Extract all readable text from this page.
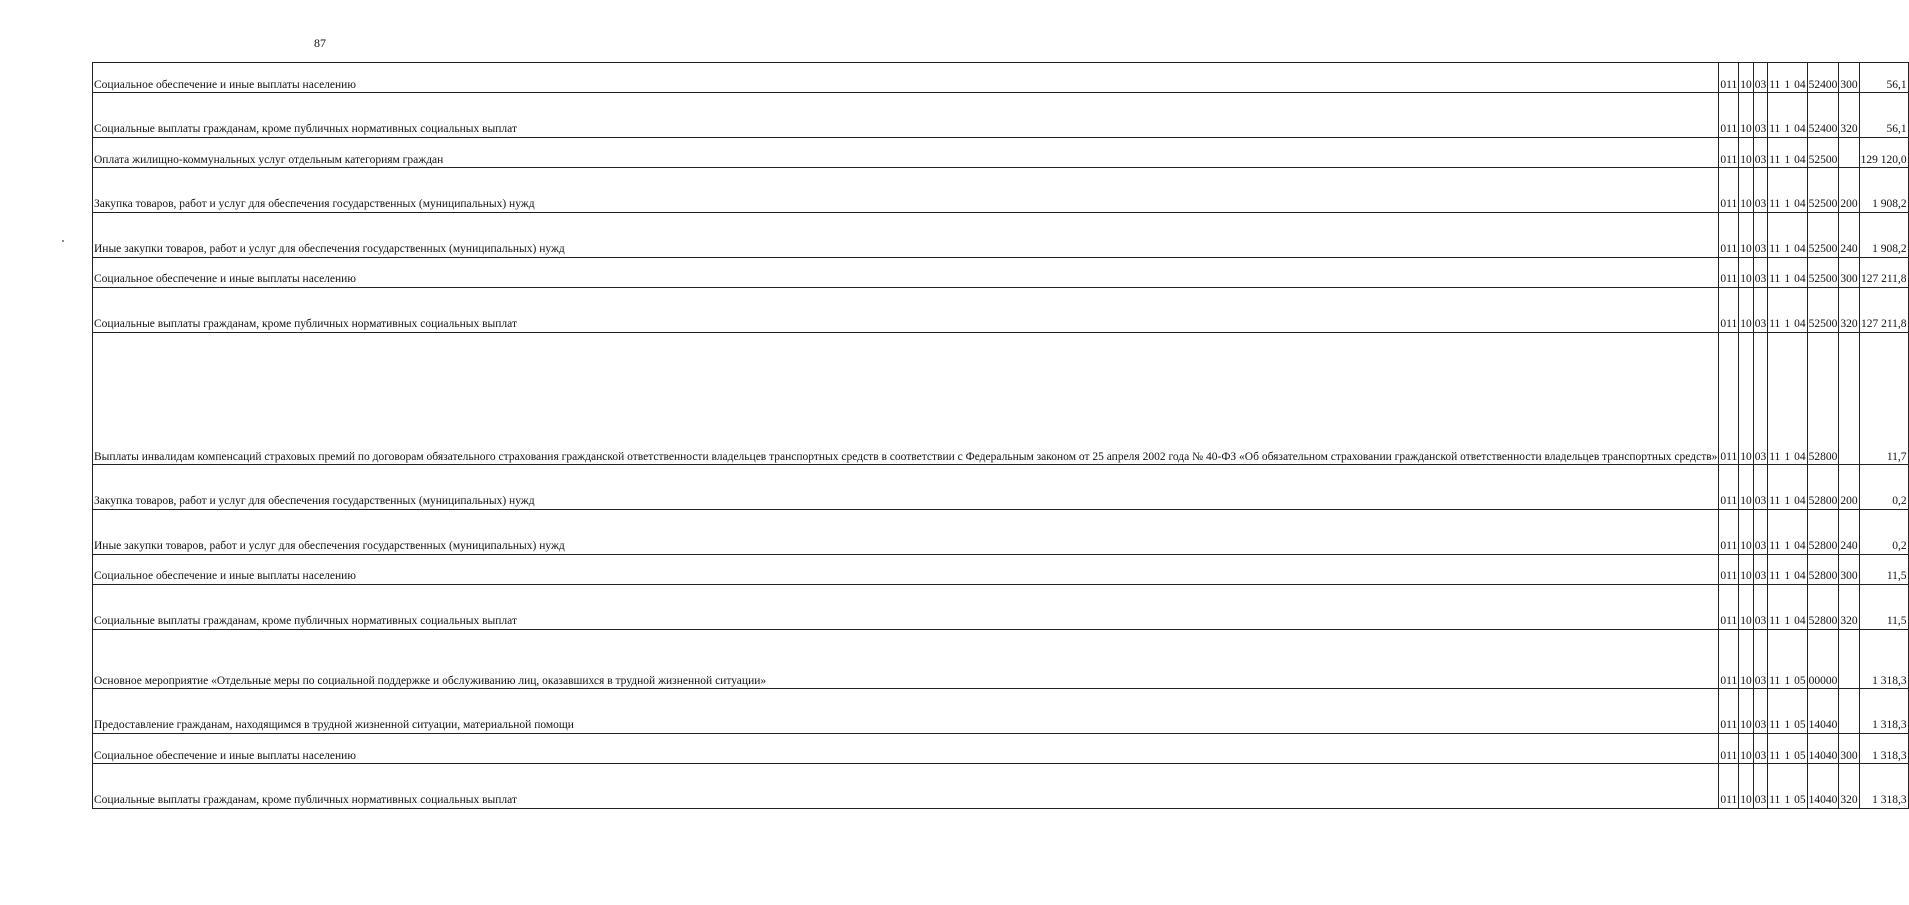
87
Социальное обеспечение и иные выплаты населению	011	10	03	11 1 04	52400	300	56,1
Социальные выплаты гражданам, кроме публичных нормативных социальных выплат	011	10	03	11 1 04	52400	320	56,1
Оплата жилищно-коммунальных услуг отдельным категориям граждан	011	10	03	11 1 04	52500		129 120,0
Закупка товаров, работ и услуг для обеспечения государственных (муниципальных) нужд	011	10	03	11 1 04	52500	200	1 908,2
Иные закупки товаров, работ и услуг для обеспечения государственных (муниципальных) нужд	011	10	03	11 1 04	52500	240	1 908,2
Социальное обеспечение и иные выплаты населению	011	10	03	11 1 04	52500	300	127 211,8
Социальные выплаты гражданам, кроме публичных нормативных социальных выплат	011	10	03	11 1 04	52500	320	127 211,8
Выплаты инвалидам компенсаций страховых премий по договорам обязательного страхования гражданской ответственности владельцев транспортных средств в соответствии с Федеральным законом от 25 апреля 2002 года № 40-ФЗ «Об обязательном страховании гражданской ответственности владельцев транспортных средств»	011	10	03	11 1 04	52800		11,7
Закупка товаров, работ и услуг для обеспечения государственных (муниципальных) нужд	011	10	03	11 1 04	52800	200	0,2
Иные закупки товаров, работ и услуг для обеспечения государственных (муниципальных) нужд	011	10	03	11 1 04	52800	240	0,2
Социальное обеспечение и иные выплаты населению	011	10	03	11 1 04	52800	300	11,5
Социальные выплаты гражданам, кроме публичных нормативных социальных выплат	011	10	03	11 1 04	52800	320	11,5
Основное мероприятие «Отдельные меры по социальной поддержке и обслуживанию лиц, оказавшихся в трудной жизненной ситуации»	011	10	03	11 1 05	00000		1 318,3
Предоставление гражданам, находящимся в трудной жизненной ситуации, материальной помощи	011	10	03	11 1 05	14040		1 318,3
Социальное обеспечение и иные выплаты населению	011	10	03	11 1 05	14040	300	1 318,3
Социальные выплаты гражданам, кроме публичных нормативных социальных выплат	011	10	03	11 1 05	14040	320	1 318,3
